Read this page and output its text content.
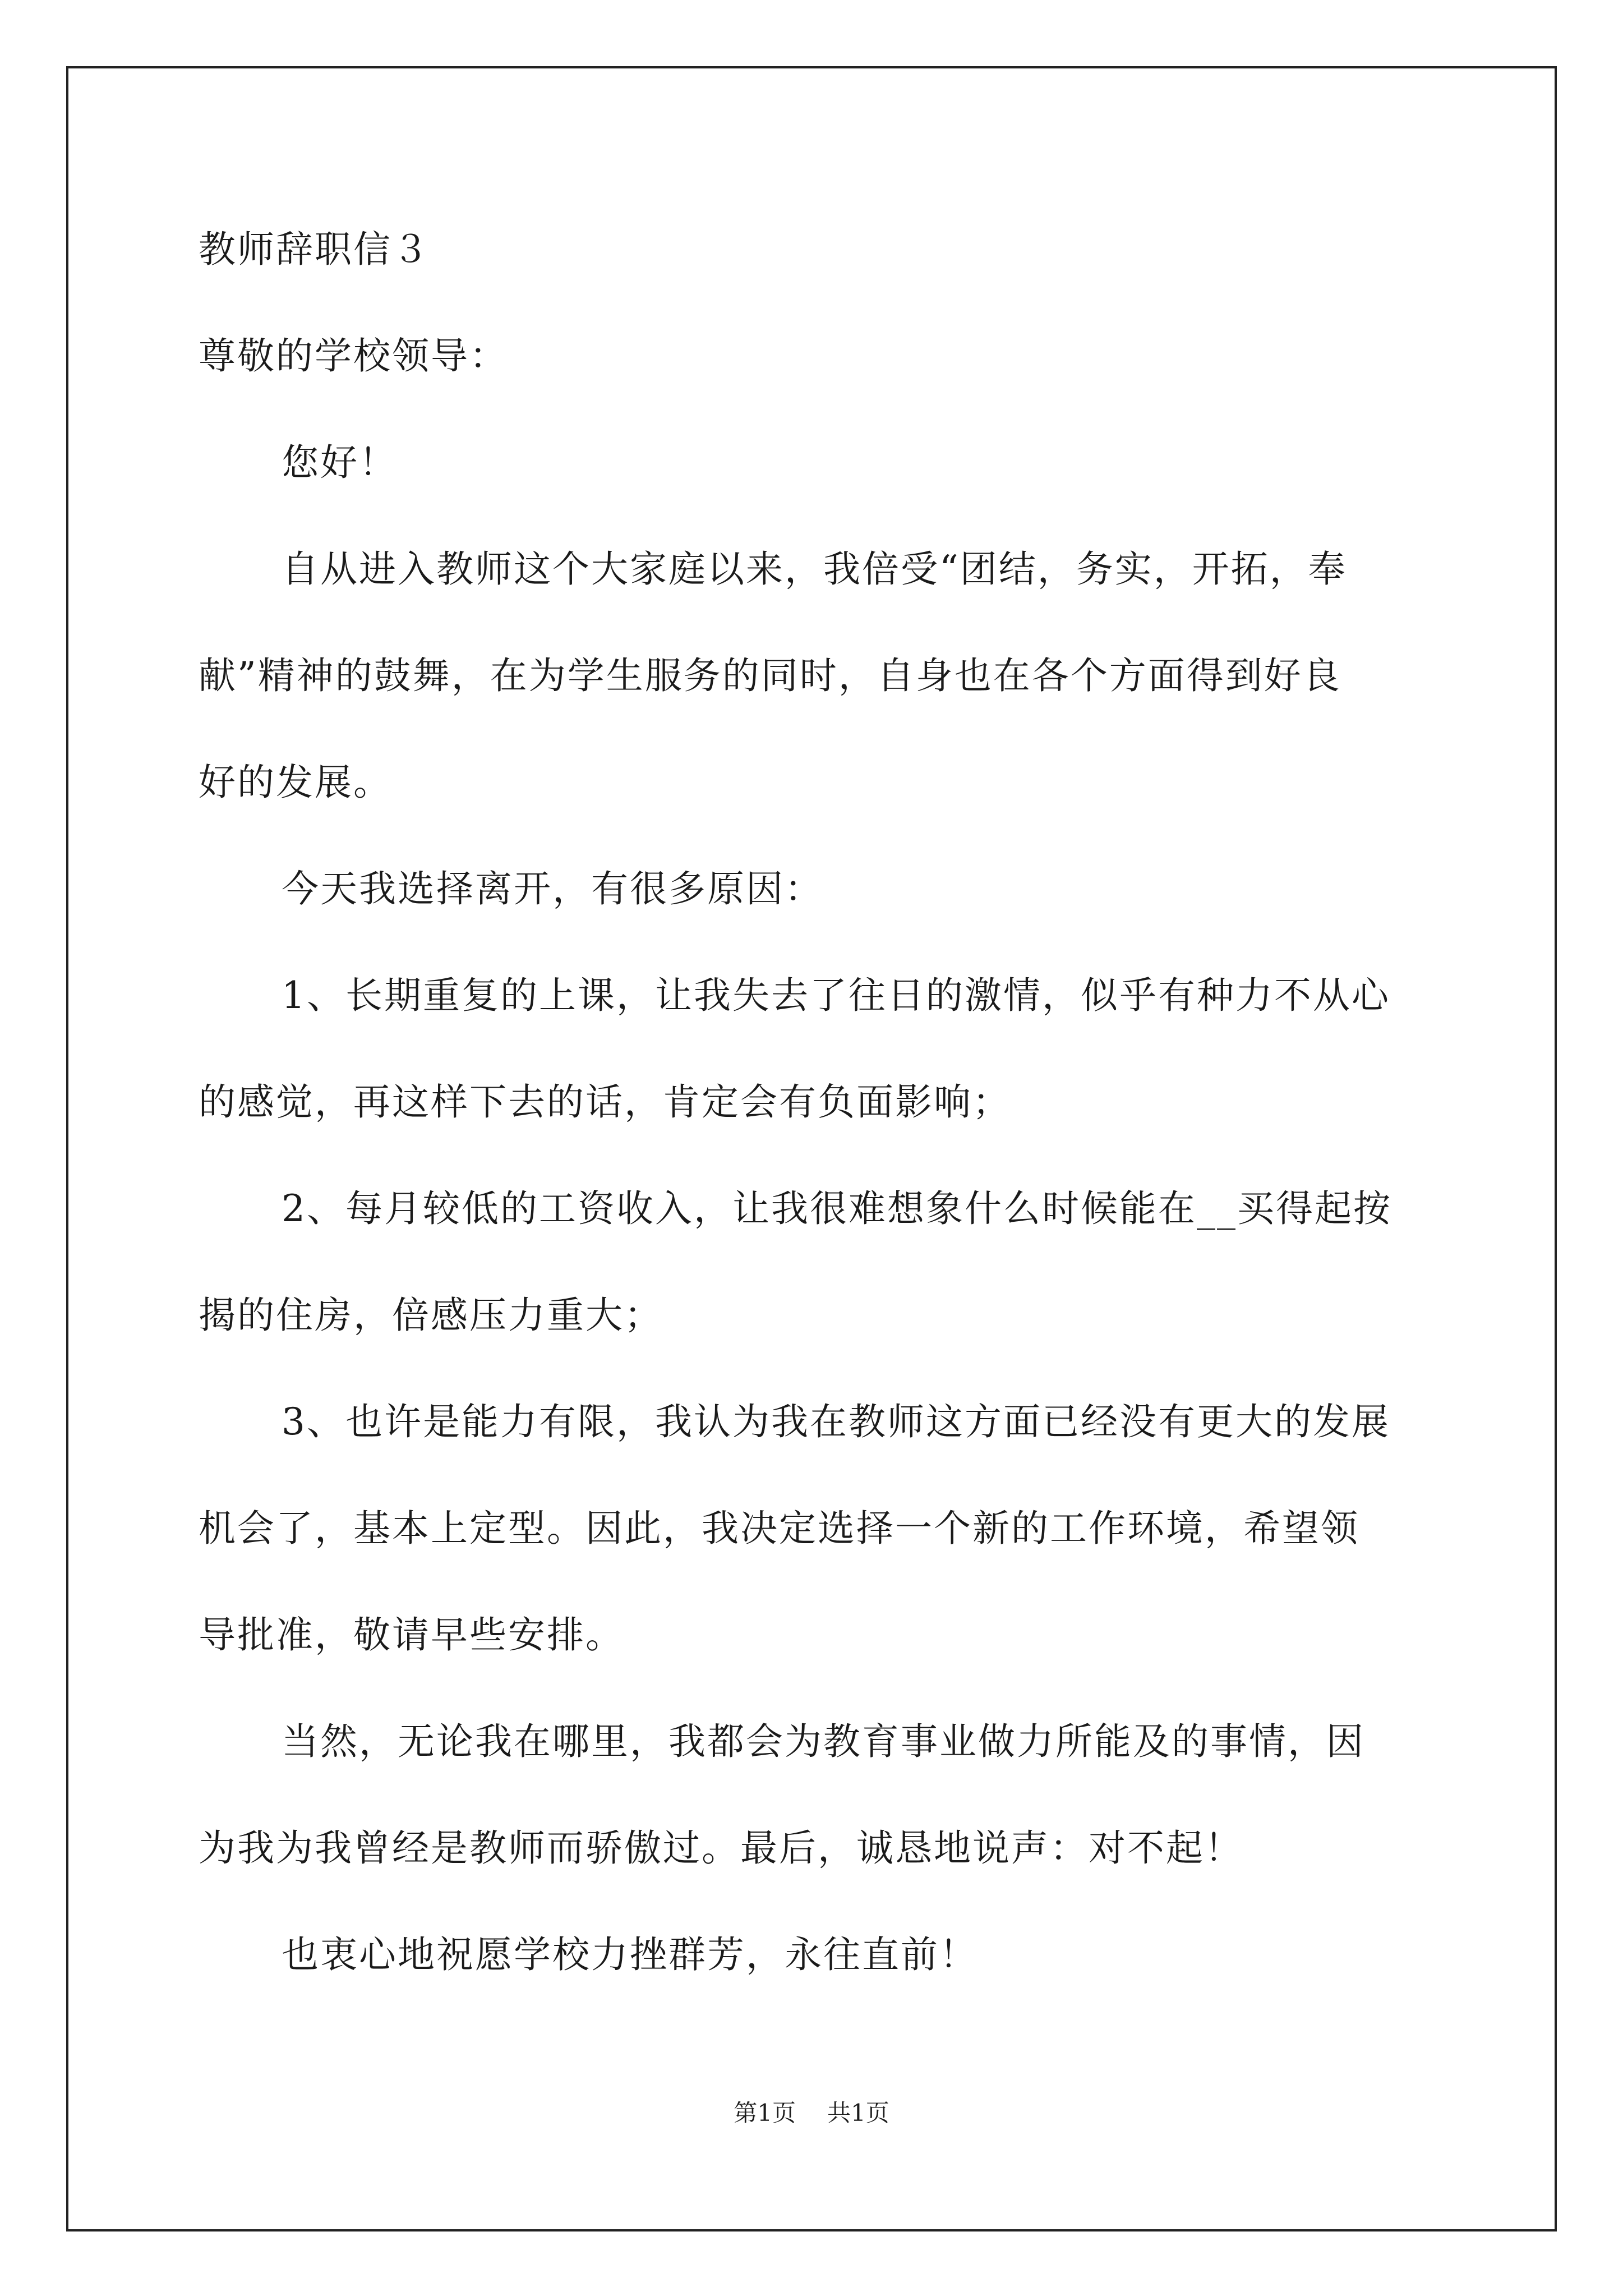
教师辞职信３
尊敬的学校领导：
您好！
自从进入教师这个大家庭以来，我倍受“团结，务实，开拓，奉
献”精神的鼓舞，在为学生服务的同时，自身也在各个方面得到好良
好的发展。
今天我选择离开，有很多原因：
1、长期重复的上课，让我失去了往日的激情，似乎有种力不从心
的感觉，再这样下去的话，肯定会有负面影响；
2、每月较低的工资收入，让我很难想象什么时候能在__买得起按
揭的住房，倍感压力重大；
3、也许是能力有限，我认为我在教师这方面已经没有更大的发展
机会了，基本上定型。因此，我决定选择一个新的工作环境，希望领
导批准，敬请早些安排。
当然，无论我在哪里，我都会为教育事业做力所能及的事情，因
为我为我曾经是教师而骄傲过。最后，诚恳地说声：对不起！
也衷心地祝愿学校力挫群芳，永往直前！
第1页 共1页
